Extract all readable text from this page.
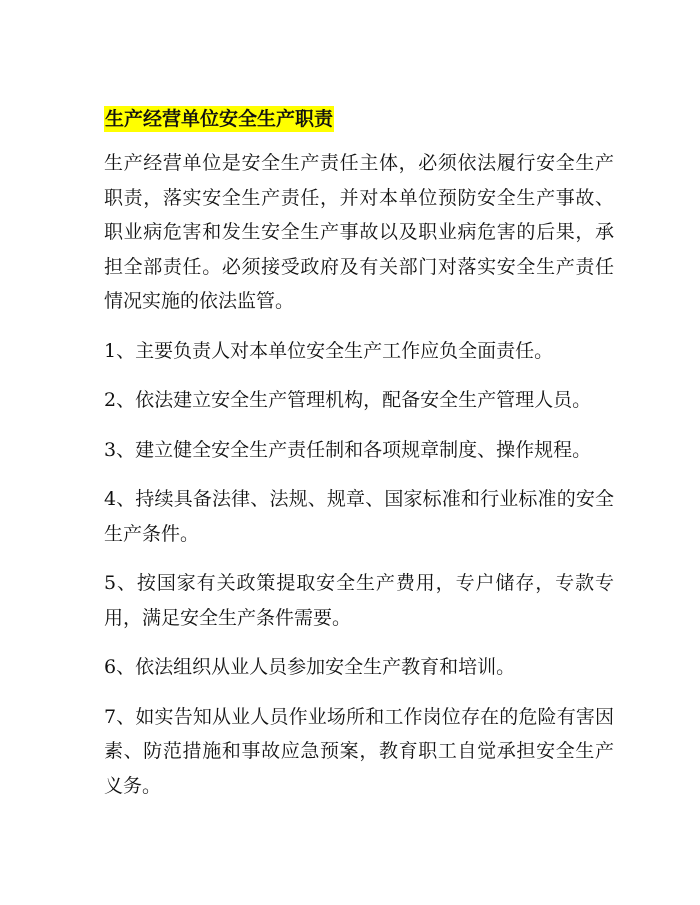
生产经营单位安全生产职责

生产经营单位是安全生产责任主体，必须依法履行安全生产职责，落实安全生产责任，并对本单位预防安全生产事故、职业病危害和发生安全生产事故以及职业病危害的后果，承担全部责任。必须接受政府及有关部门对落实安全生产责任情况实施的依法监管。

1、主要负责人对本单位安全生产工作应负全面责任。

2、依法建立安全生产管理机构，配备安全生产管理人员。

3、建立健全安全生产责任制和各项规章制度、操作规程。

4、持续具备法律、法规、规章、国家标准和行业标准的安全生产条件。

5、按国家有关政策提取安全生产费用，专户储存，专款专用，满足安全生产条件需要。

6、依法组织从业人员参加安全生产教育和培训。

7、如实告知从业人员作业场所和工作岗位存在的危险有害因素、防范措施和事故应急预案，教育职工自觉承担安全生产义务。
